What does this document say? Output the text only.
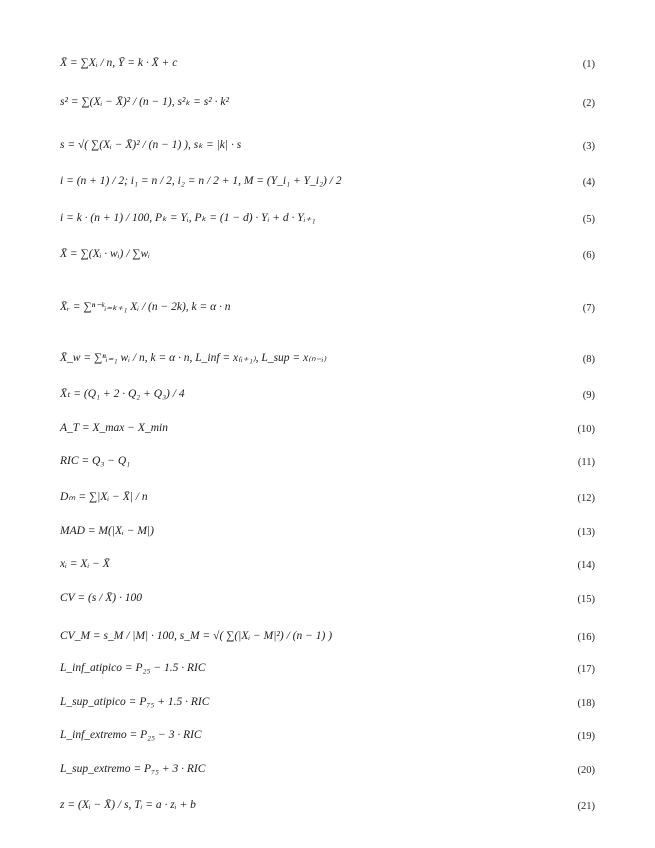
X̄ = ∑Xᵢ / n, Ȳ = k · X̄ + c	(1)
s² = ∑(Xᵢ − X̄)² / (n − 1), s²ₖ = s² · k²	(2)
s = √( ∑(Xᵢ − X̄)² / (n − 1) ), sₖ = |k| · s	(3)
i = (n + 1) / 2; i₁ = n / 2, i₂ = n / 2 + 1, M = (Y_i₁ + Y_i₂) / 2	(4)
i = k · (n + 1) / 100, Pₖ = Yᵢ, Pₖ = (1 − d) · Yᵢ + d · Yᵢ₊₁	(5)
X̄ = ∑(Xᵢ · wᵢ) / ∑wᵢ	(6)
X̄ᵣ = ∑ⁿ⁻ᵏᵢ₌ₖ₊₁ Xᵢ / (n − 2k), k = α · n	(7)
X̄_w = ∑ⁿᵢ₌₁ wᵢ / n, k = α · n, L_inf = x₍ᵢ₊₁₎, L_sup = x₍ₙ₋ᵢ₎	(8)
X̄ₜ = (Q₁ + 2 · Q₂ + Q₃) / 4	(9)
A_T = X_max − X_min	(10)
RIC = Q₃ − Q₁	(11)
Dₘ = ∑|Xᵢ − X̄| / n	(12)
MAD = M(|Xᵢ − M|)	(13)
xᵢ = Xᵢ − X̄	(14)
CV = (s / X̄) · 100	(15)
CV_M = s_M / |M| · 100, s_M = √( ∑(|Xᵢ − M|²) / (n − 1) )	(16)
L_inf_atipico = P₂₅ − 1.5 · RIC	(17)
L_sup_atipico = P₇₅ + 1.5 · RIC	(18)
L_inf_extremo = P₂₅ − 3 · RIC	(19)
L_sup_extremo = P₇₅ + 3 · RIC	(20)
z = (Xᵢ − X̄) / s, Tᵢ = a · zᵢ + b	(21)
